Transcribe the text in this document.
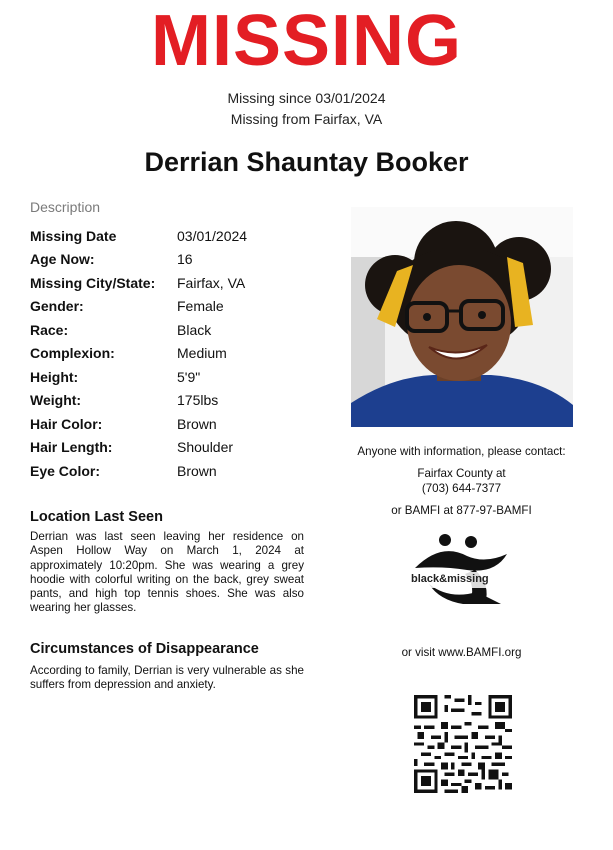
MISSING
Missing since 03/01/2024
Missing from Fairfax, VA
Derrian Shauntay Booker
Description
Missing Date	03/01/2024
Age Now:	16
Missing City/State: Fairfax, VA
Gender:	Female
Race:	Black
Complexion:	Medium
Height:	5'9"
Weight:	175lbs
Hair Color:	Brown
Hair Length:	Shoulder
Eye Color:	Brown
Location Last Seen
Derrian was last seen leaving her residence on Aspen Hollow Way on March 1, 2024 at approximately 10:20pm. She was wearing a grey hoodie with colorful writing on the back, grey sweat pants, and high top tennis shoes. She was also wearing her glasses.
Circumstances of Disappearance
According to family, Derrian is very vulnerable as she suffers from depression and anxiety.
Anyone with information, please contact:
Fairfax County at
(703) 644-7377
or BAMFI at 877-97-BAMFI
black&missing
or visit www.BAMFI.org
